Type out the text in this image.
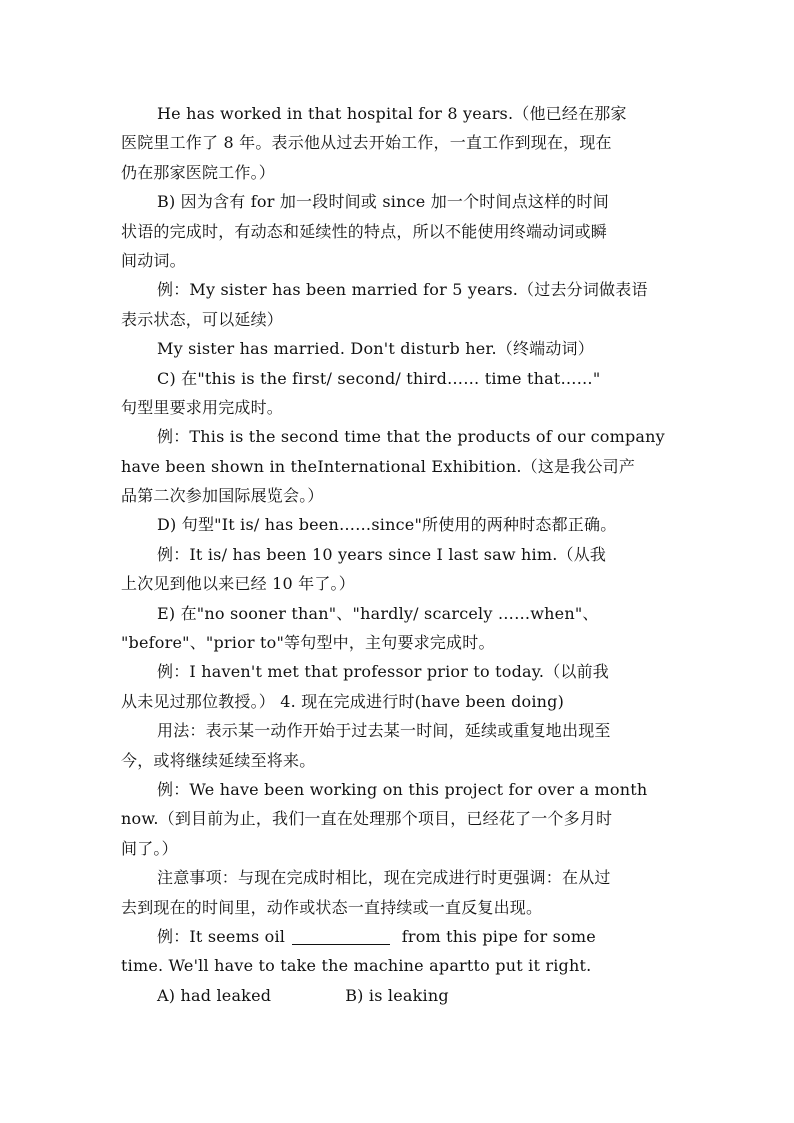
He has worked in that hospital for 8 years.（他已经在那家
医院里工作了 8 年。表示他从过去开始工作，一直工作到现在，现在
仍在那家医院工作。）
B) 因为含有 for 加一段时间或 since 加一个时间点这样的时间
状语的完成时，有动态和延续性的特点，所以不能使用终端动词或瞬
间动词。
例：My sister has been married for 5 years.（过去分词做表语
表示状态，可以延续）
My sister has married. Don't disturb her.（终端动词）
C) 在"this is the first/ second/ third…… time that……"
句型里要求用完成时。
例：This is the second time that the products of our company
have been shown in theInternational Exhibition.（这是我公司产
品第二次参加国际展览会。）
D) 句型"It is/ has been……since"所使用的两种时态都正确。
例：It is/ has been 10 years since I last saw him.（从我
上次见到他以来已经 10 年了。）
E) 在"no sooner than"、"hardly/ scarcely ……when"、
"before"、"prior to"等句型中，主句要求完成时。
例：I haven't met that professor prior to today.（以前我
从未见过那位教授。） 4. 现在完成进行时(have been doing)
用法：表示某一动作开始于过去某一时间，延续或重复地出现至
今，或将继续延续至将来。
例：We have been working on this project for over a month
now.（到目前为止，我们一直在处理那个项目，已经花了一个多月时
间了。）
注意事项：与现在完成时相比，现在完成进行时更强调：在从过
去到现在的时间里，动作或状态一直持续或一直反复出现。
例：It seems oil	from this pipe for some
time. We'll have to take the machine apartto put it right.
A) had leaked	B) is leaking
